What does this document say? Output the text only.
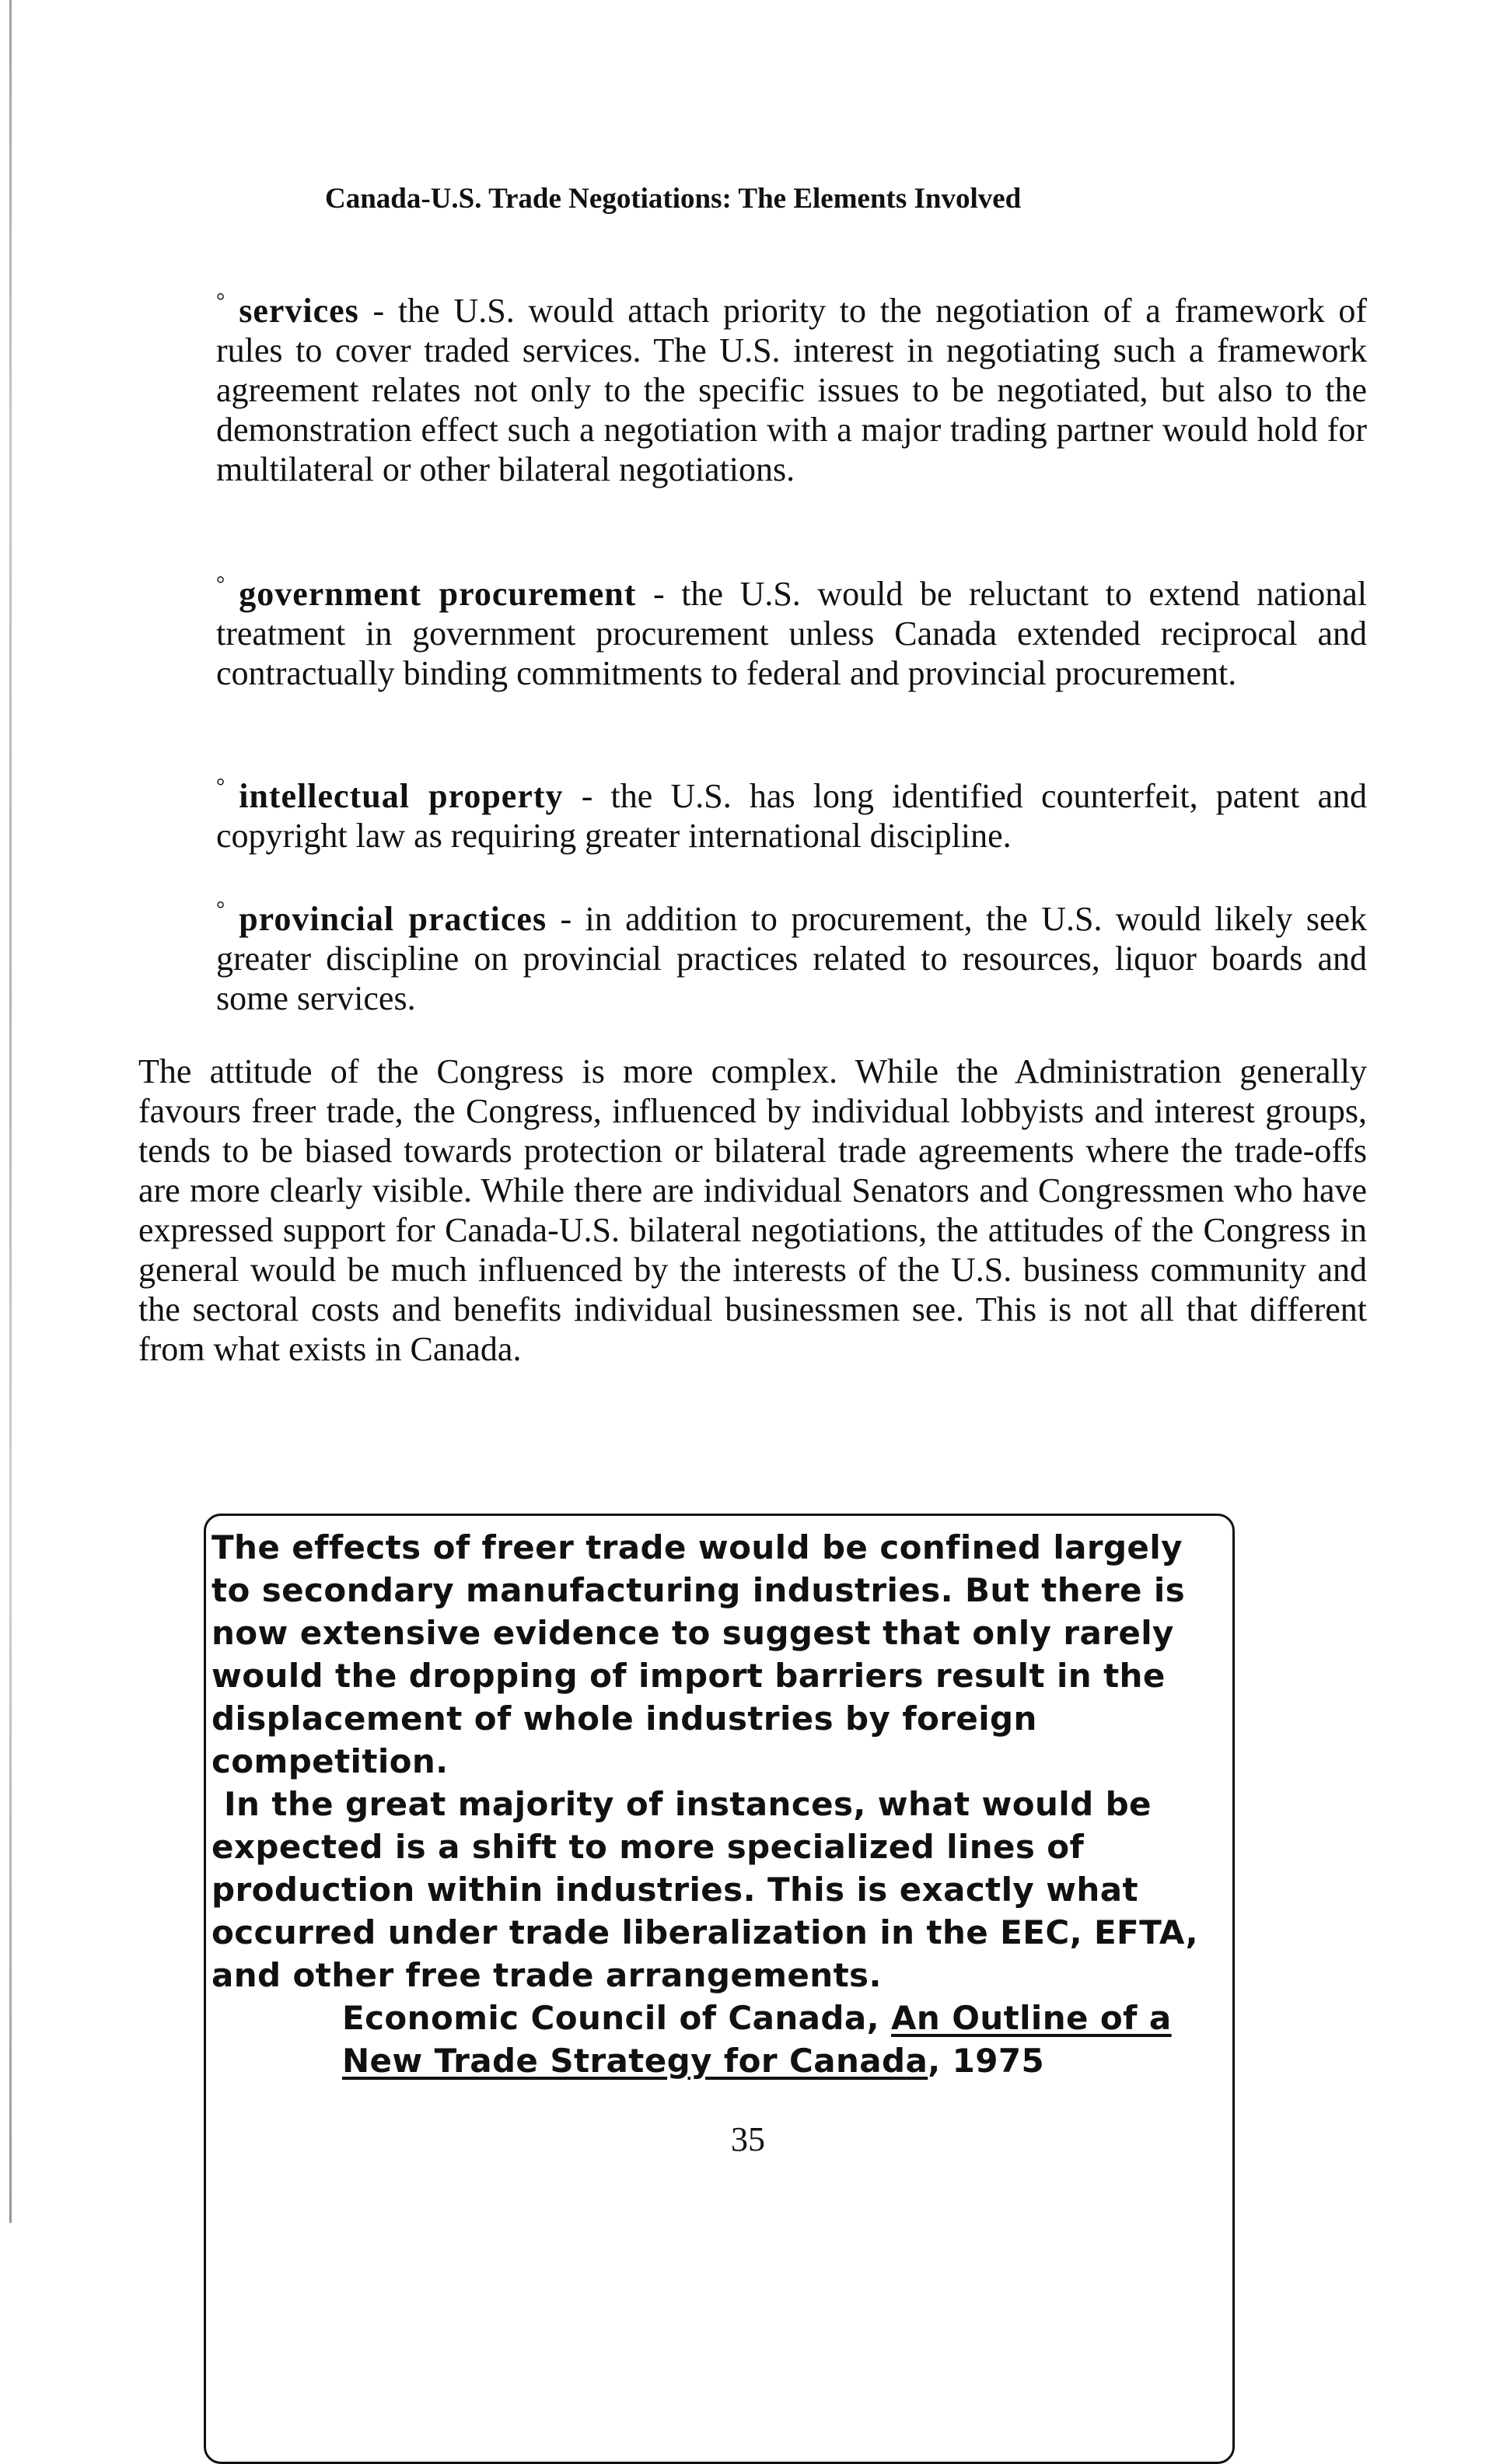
Canada-U.S. Trade Negotiations: The Elements Involved
° services - the U.S. would attach priority to the negotiation of a framework of rules to cover traded services. The U.S. interest in negotiating such a framework agreement relates not only to the specific issues to be negotiated, but also to the demonstration effect such a negotiation with a major trading partner would hold for multilateral or other bilateral negotiations.
° government procurement - the U.S. would be reluctant to extend national treatment in government procurement unless Canada extended reciprocal and contractually binding commitments to federal and provincial procurement.
° intellectual property - the U.S. has long identified counterfeit, patent and copyright law as requiring greater international discipline.
° provincial practices - in addition to procurement, the U.S. would likely seek greater discipline on provincial practices related to resources, liquor boards and some services.
The attitude of the Congress is more complex. While the Administration generally favours freer trade, the Congress, influenced by individual lobbyists and interest groups, tends to be biased towards protection or bilateral trade agreements where the trade-offs are more clearly visible. While there are individual Senators and Congressmen who have expressed support for Canada-U.S. bilateral negotiations, the attitudes of the Congress in general would be much influenced by the interests of the U.S. business community and the sectoral costs and benefits individual businessmen see. This is not all that different from what exists in Canada.

The effects of freer trade would be confined largely to secondary manufacturing industries. But there is now extensive evidence to suggest that only rarely would the dropping of import barriers result in the displacement of whole industries by foreign competition.

In the great majority of instances, what would be expected is a shift to more specialized lines of production within industries. This is exactly what occurred under trade liberalization in the EEC, EFTA, and other free trade arrangements.

Economic Council of Canada, An Outline of a New Trade Strategy for Canada, 1975

35
